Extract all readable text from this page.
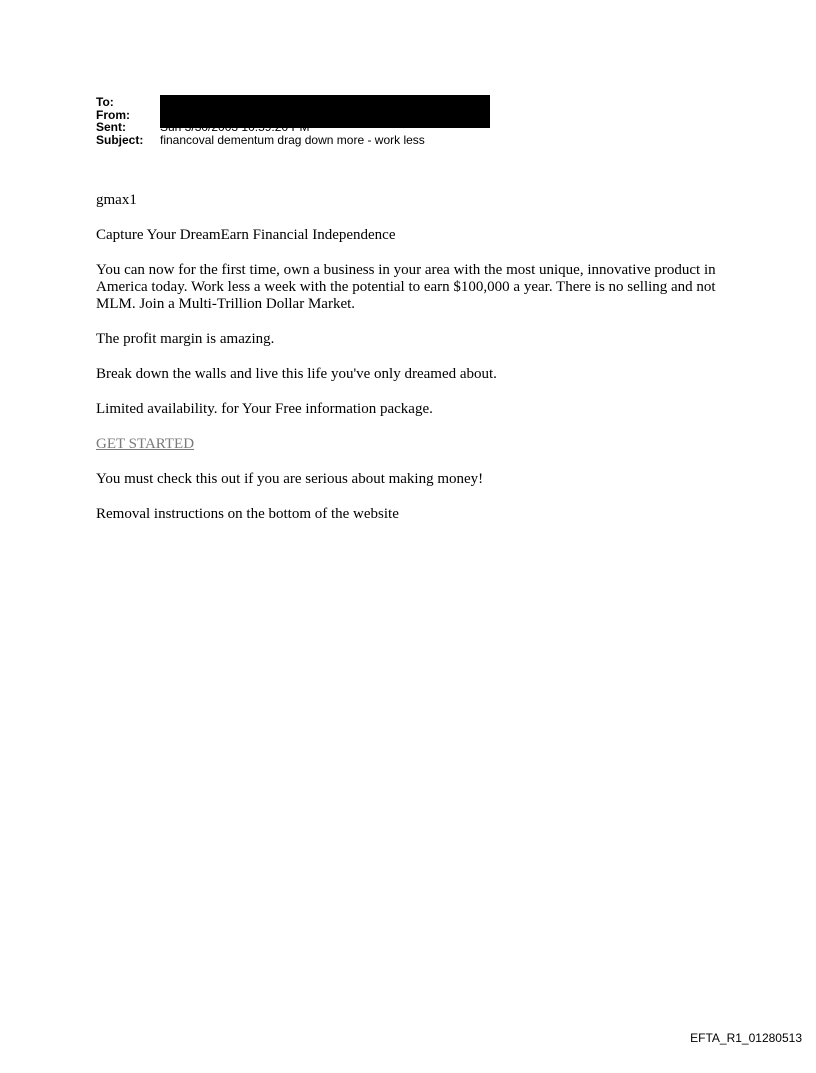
To:
From:
Sent:
Subject:	financoval dementum drag down more - work less

gmax1

Capture Your DreamEarn Financial Independence

You can now for the first time, own a business in your area with the most unique, innovative product in America today. Work less a week with the potential to earn $100,000 a year. There is no selling and not MLM. Join a Multi-Trillion Dollar Market.

The profit margin is amazing.

Break down the walls and live this life you've only dreamed about.

Limited availability. for Your Free information package.

GET STARTED

You must check this out if you are serious about making money!

Removal instructions on the bottom of the website

EFTA_R1_01280513
